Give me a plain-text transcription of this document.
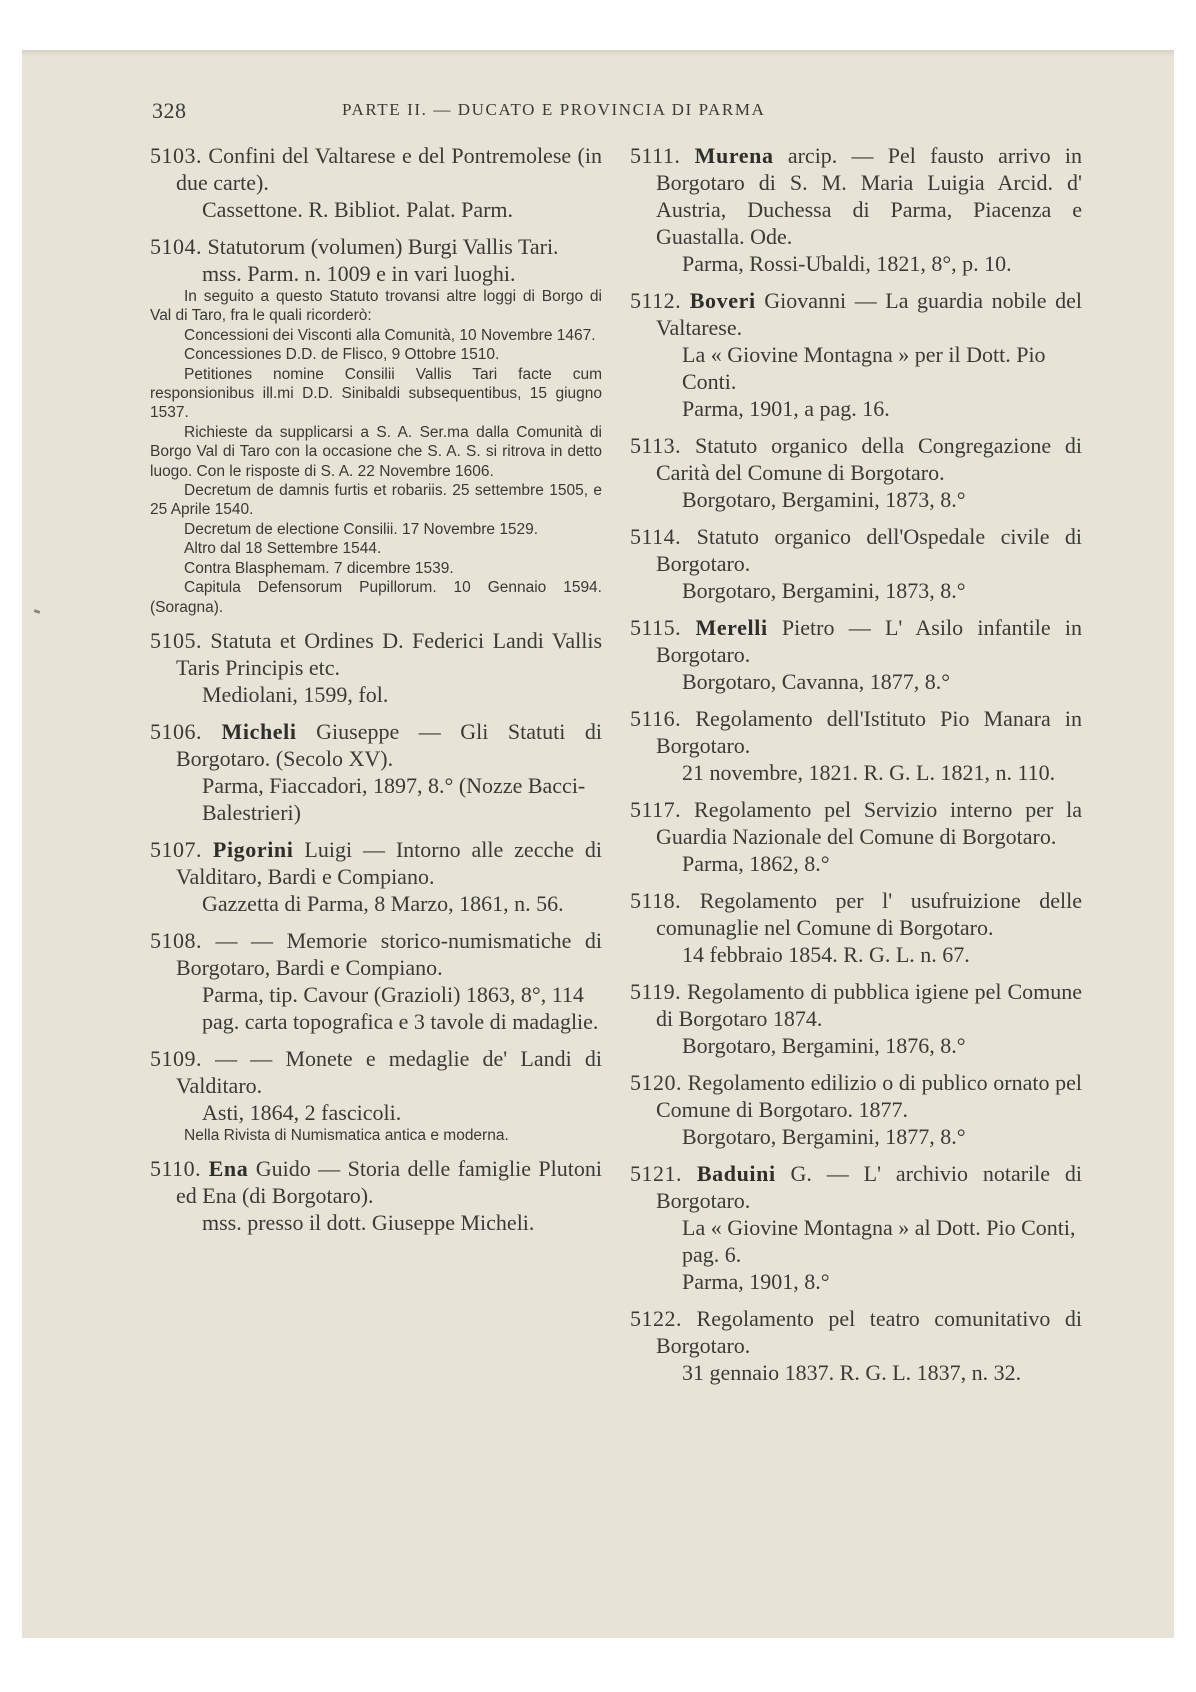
328	PARTE II. — DUCATO E PROVINCIA DI PARMA
5103. Confini del Valtarese e del Pontremolese (in due carte).
Cassettone. R. Bibliot. Palat. Parm.
5104. Statutorum (volumen) Burgi Vallis Tari.
mss. Parm. n. 1009 e in vari luoghi.

In seguito a questo Statuto trovansi altre loggi di Borgo di Val di Taro, fra le quali ricorderò:

Concessioni dei Visconti alla Comunità, 10 Novembre 1467.

Concessiones D.D. de Flisco, 9 Ottobre 1510.

Petitiones nomine Consilii Vallis Tari facte cum responsionibus ill.mi D.D. Sinibaldi subsequentibus, 15 giugno 1537.

Richieste da supplicarsi a S. A. Ser.ma dalla Comunità di Borgo Val di Taro con la occasione che S. A. S. si ritrova in detto luogo. Con le risposte di S. A. 22 Novembre 1606.

Decretum de damnis furtis et robariis. 25 settembre 1505, e 25 Aprile 1540.

Decretum de electione Consilii. 17 Novembre 1529.

Altro dal 18 Settembre 1544.

Contra Blasphemam. 7 dicembre 1539.

Capitula Defensorum Pupillorum. 10 Gennaio 1594. (Soragna).

5105. Statuta et Ordines D. Federici Landi Vallis Taris Principis etc.
Mediolani, 1599, fol.
5106. Micheli Giuseppe — Gli Statuti di Borgotaro. (Secolo XV).
Parma, Fiaccadori, 1897, 8.° (Nozze Bacci-Balestrieri)
5107. Pigorini Luigi — Intorno alle zecche di Valditaro, Bardi e Compiano.
Gazzetta di Parma, 8 Marzo, 1861, n. 56.
5108. — — Memorie storico-numismatiche di Borgotaro, Bardi e Compiano.
Parma, tip. Cavour (Grazioli) 1863, 8°, 114 pag. carta topografica e 3 tavole di madaglie.
5109. — — Monete e medaglie de' Landi di Valditaro.
Asti, 1864, 2 fascicoli.

Nella Rivista di Numismatica antica e moderna.

5110. Ena Guido — Storia delle famiglie Plutoni ed Ena (di Borgotaro).
mss. presso il dott. Giuseppe Micheli.
5111. Murena arcip. — Pel fausto arrivo in Borgotaro di S. M. Maria Luigia Arcid. d' Austria, Duchessa di Parma, Piacenza e Guastalla. Ode.
Parma, Rossi-Ubaldi, 1821, 8°, p. 10.
5112. Boveri Giovanni — La guardia nobile del Valtarese.
La « Giovine Montagna » per il Dott. Pio Conti.
Parma, 1901, a pag. 16.
5113. Statuto organico della Congregazione di Carità del Comune di Borgotaro.
Borgotaro, Bergamini, 1873, 8.°
5114. Statuto organico dell'Ospedale civile di Borgotaro.
Borgotaro, Bergamini, 1873, 8.°
5115. Merelli Pietro — L' Asilo infantile in Borgotaro.
Borgotaro, Cavanna, 1877, 8.°
5116. Regolamento dell'Istituto Pio Manara in Borgotaro.
21 novembre, 1821. R. G. L. 1821, n. 110.
5117. Regolamento pel Servizio interno per la Guardia Nazionale del Comune di Borgotaro.
Parma, 1862, 8.°
5118. Regolamento per l' usufruizione delle comunaglie nel Comune di Borgotaro.
14 febbraio 1854. R. G. L. n. 67.
5119. Regolamento di pubblica igiene pel Comune di Borgotaro 1874.
Borgotaro, Bergamini, 1876, 8.°
5120. Regolamento edilizio o di publico ornato pel Comune di Borgotaro. 1877.
Borgotaro, Bergamini, 1877, 8.°
5121. Baduini G. — L' archivio notarile di Borgotaro.
La « Giovine Montagna » al Dott. Pio Conti, pag. 6.
Parma, 1901, 8.°
5122. Regolamento pel teatro comunitativo di Borgotaro.
31 gennaio 1837. R. G. L. 1837, n. 32.
